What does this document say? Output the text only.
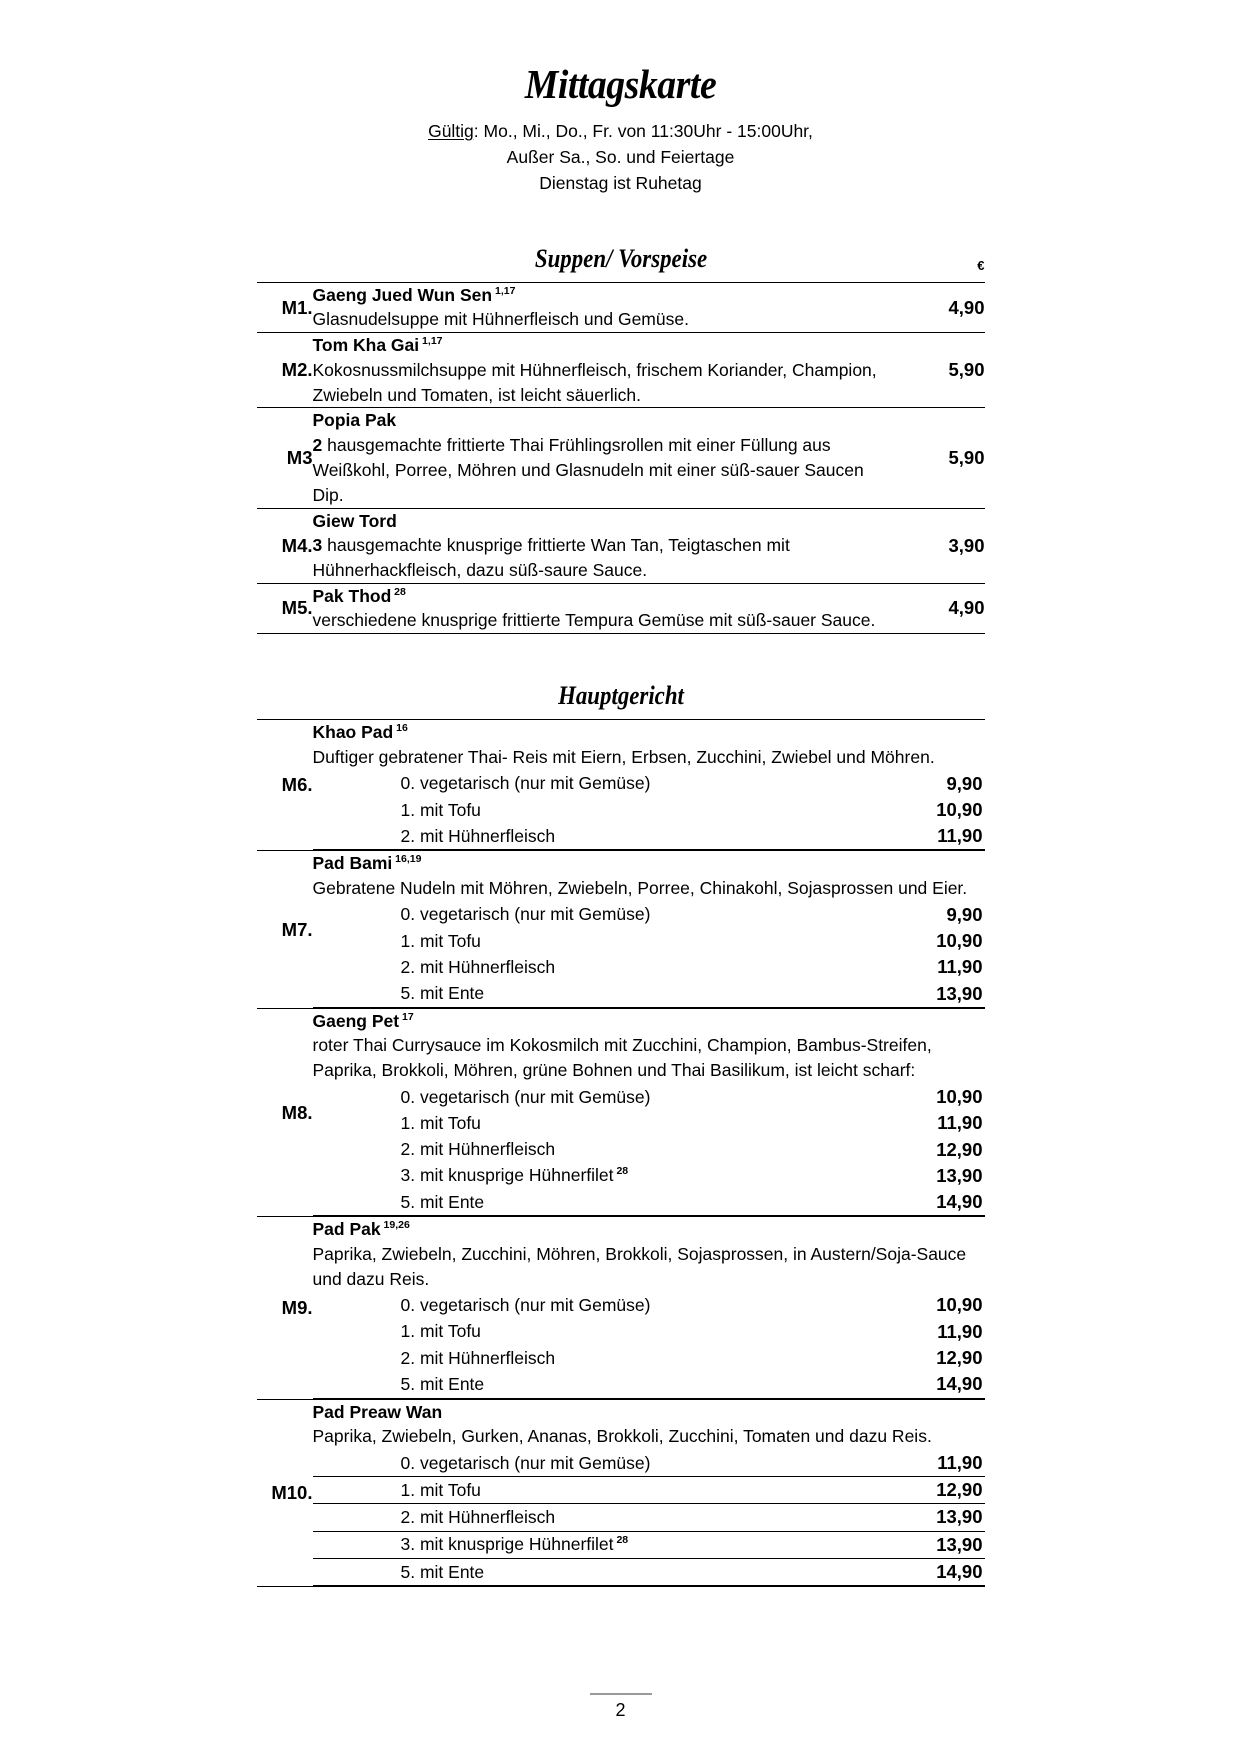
Mittagskarte
Gültig: Mo., Mi., Do., Fr. von 11:30Uhr - 15:00Uhr,
Außer Sa., So. und Feiertage
Dienstag ist Ruhetag
Suppen/ Vorspeise	€
M1.	Gaeng Jued Wun Sen $^{1,17}$
Glasnudelsuppe mit Hühnerfleisch und Gemüse.	4,90
M2.	Tom Kha Gai $^{1,17}$
Kokosnussmilchsuppe mit Hühnerfleisch, frischem Koriander, Champion, Zwiebeln und Tomaten, ist leicht säuerlich.	5,90
M3	Popia Pak
2 hausgemachte frittierte Thai Frühlingsrollen mit einer Füllung aus Weißkohl, Porree, Möhren und Glasnudeln mit einer süß-sauer Saucen Dip.	5,90
M4.	Giew Tord
3 hausgemachte knusprige frittierte Wan Tan, Teigtaschen mit Hühnerhackfleisch, dazu süß-saure Sauce.	3,90
M5.	Pak Thod $^{28}$
verschiedene knusprige frittierte Tempura Gemüse mit süß-sauer Sauce.	4,90
Hauptgericht
M6.	
Khao Pad $^{16}$
Duftiger gebratener Thai- Reis mit Eiern, Erbsen, Zucchini, Zwiebel und Möhren.
0. vegetarisch (nur mit Gemüse)	9,90
1. mit Tofu	10,90
2. mit Hühnerfleisch	11,90

M7.	
Pad Bami $^{16,19}$
Gebratene Nudeln mit Möhren, Zwiebeln, Porree, Chinakohl, Sojasprossen und Eier.
0. vegetarisch (nur mit Gemüse)	9,90
1. mit Tofu	10,90
2. mit Hühnerfleisch	11,90
5. mit Ente	13,90

M8.	
Gaeng Pet $^{17}$
roter Thai Currysauce im Kokosmilch mit Zucchini, Champion, Bambus-Streifen, Paprika, Brokkoli, Möhren, grüne Bohnen und Thai Basilikum, ist leicht scharf:
0. vegetarisch (nur mit Gemüse)	10,90
1. mit Tofu	11,90
2. mit Hühnerfleisch	12,90
3. mit knusprige Hühnerfilet $^{28}$	13,90
5. mit Ente	14,90

M9.	
Pad Pak $^{19,26}$
Paprika, Zwiebeln, Zucchini, Möhren, Brokkoli, Sojasprossen, in Austern/Soja-Sauce und dazu Reis.
0. vegetarisch (nur mit Gemüse)	10,90
1. mit Tofu	11,90
2. mit Hühnerfleisch	12,90
5. mit Ente	14,90

M10.	
Pad Preaw Wan
Paprika, Zwiebeln, Gurken, Ananas, Brokkoli, Zucchini, Tomaten und dazu Reis.
0. vegetarisch (nur mit Gemüse)	11,90
1. mit Tofu	12,90
2. mit Hühnerfleisch	13,90
3. mit knusprige Hühnerfilet $^{28}$	13,90
5. mit Ente	14,90
2
